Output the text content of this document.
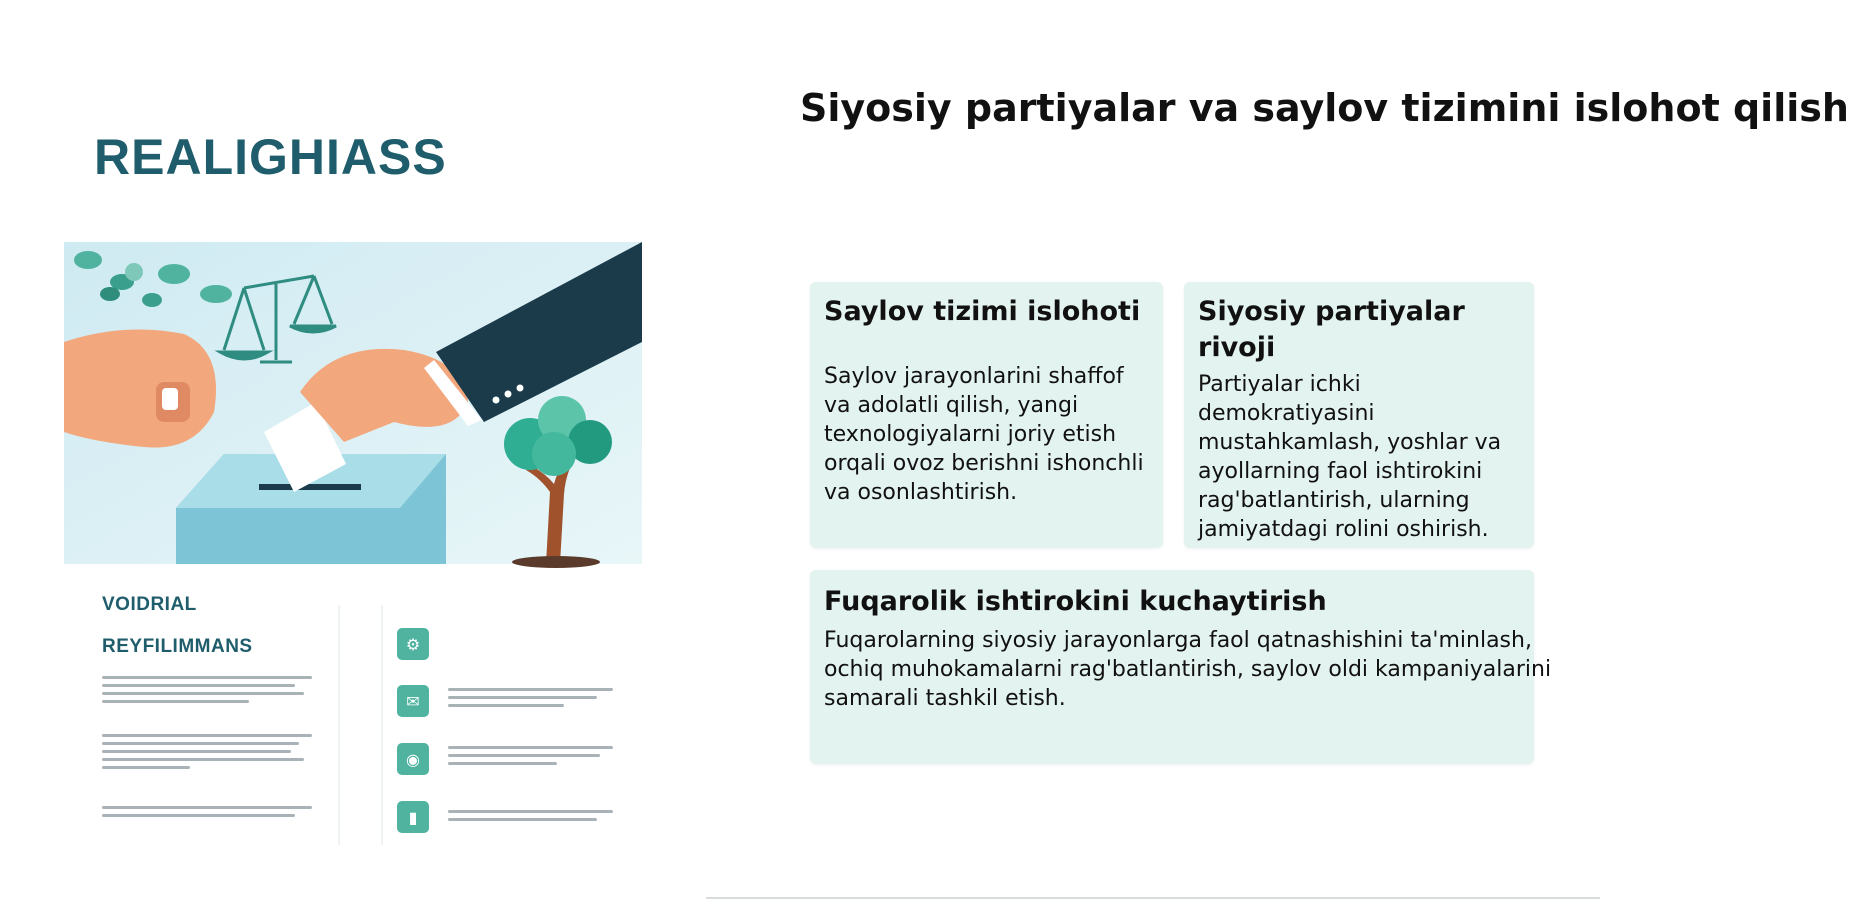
REALIGHIASS
VOIDRIAL
REYFILIMMANS	⚙
✉
◉
▮
Siyosiy partiyalar va saylov tizimini islohot qilish
Saylov tizimi islohoti

Saylov jarayonlarini shaffof va adolatli qilish, yangi texnologiyalarni joriy etish orqali ovoz berishni ishonchli va osonlashtirish.

Siyosiy partiyalar rivoji

Partiyalar ichki demokratiyasini mustahkamlash, yoshlar va ayollarning faol ishtirokini rag'batlantirish, ularning jamiyatdagi rolini oshirish.

Fuqarolik ishtirokini kuchaytirish

Fuqarolarning siyosiy jarayonlarga faol qatnashishini ta'minlash, ochiq muhokamalarni rag'batlantirish, saylov oldi kampaniyalarini samarali tashkil etish.
